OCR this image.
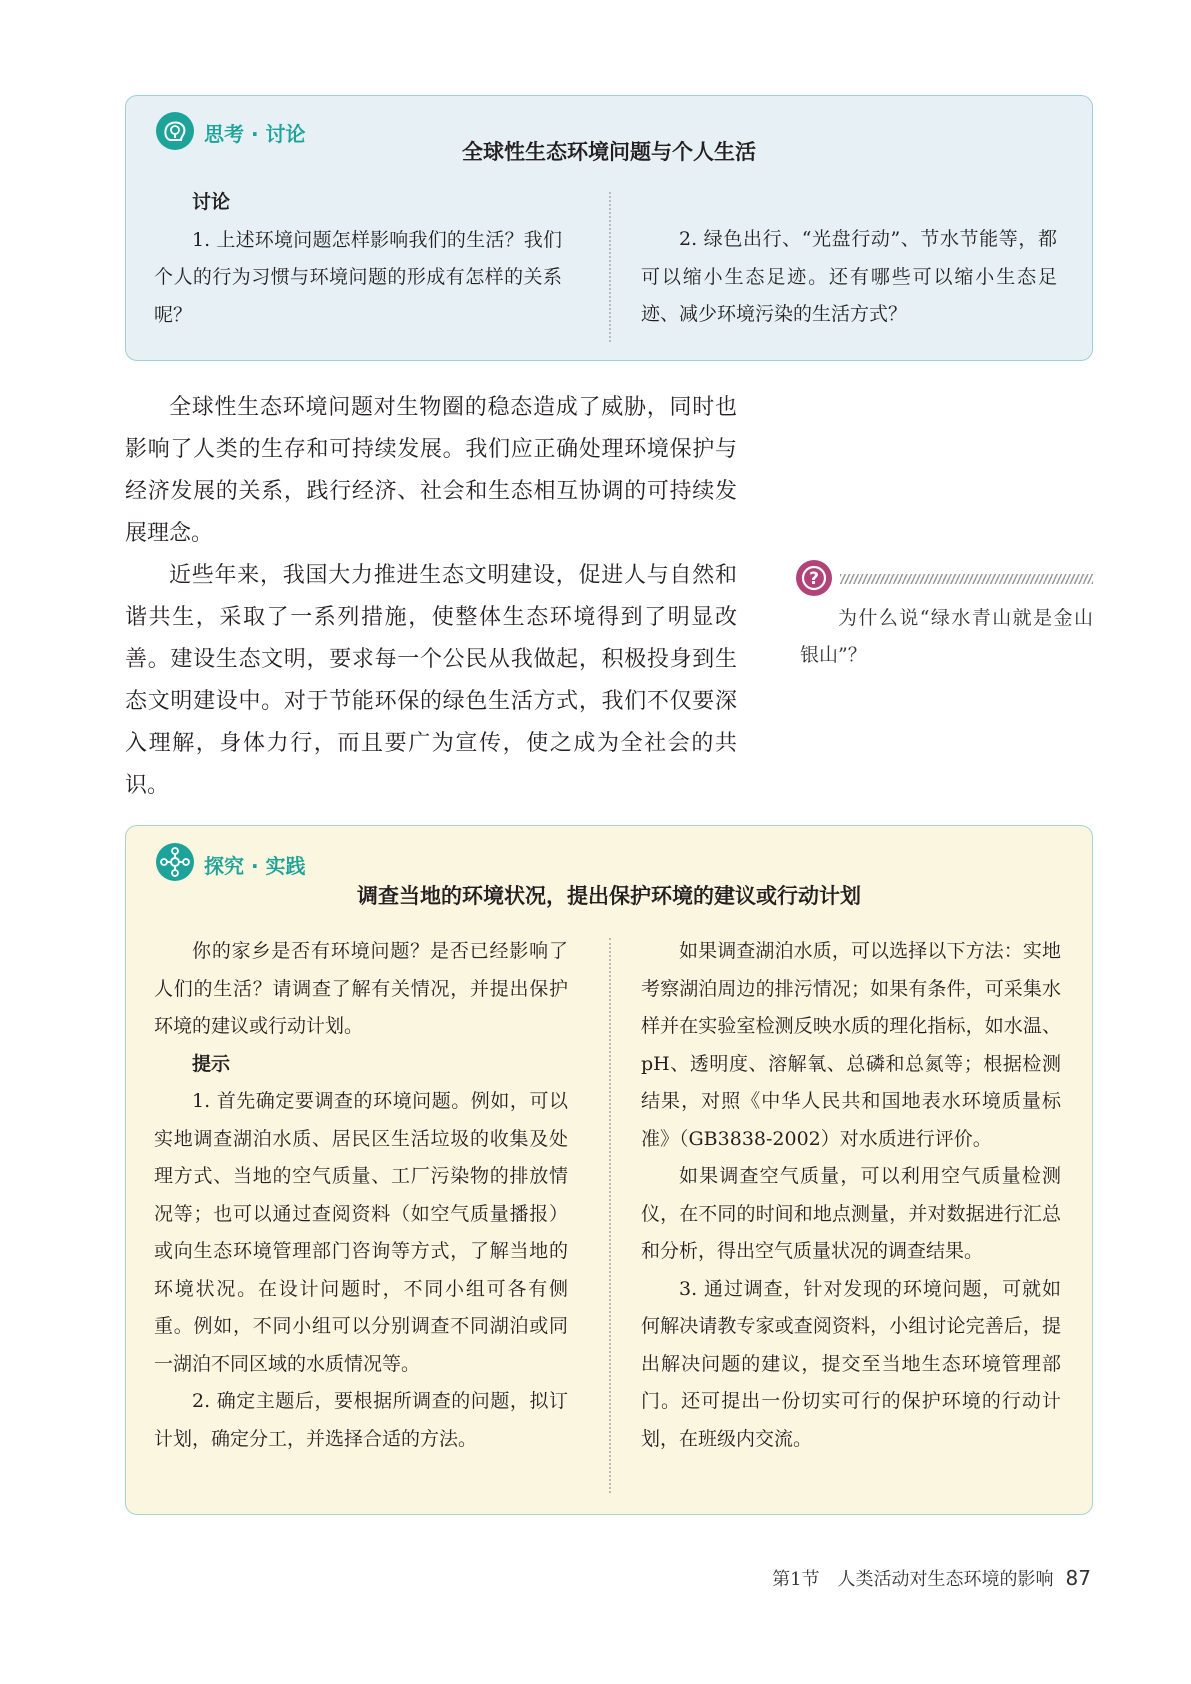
思考 · 讨论
全球性生态环境问题与个人生活
讨论

1. 上述环境问题怎样影响我们的生活？我们个人的行为习惯与环境问题的形成有怎样的关系呢？

2. 绿色出行、“光盘行动”、节水节能等，都可以缩小生态足迹。还有哪些可以缩小生态足迹、减少环境污染的生活方式？

全球性生态环境问题对生物圈的稳态造成了威胁，同时也影响了人类的生存和可持续发展。我们应正确处理环境保护与经济发展的关系，践行经济、社会和生态相互协调的可持续发展理念。

近些年来，我国大力推进生态文明建设，促进人与自然和谐共生，采取了一系列措施，使整体生态环境得到了明显改善。建设生态文明，要求每一个公民从我做起，积极投身到生态文明建设中。对于节能环保的绿色生活方式，我们不仅要深入理解，身体力行，而且要广为宣传，使之成为全社会的共识。

?

为什么说“绿水青山就是金山银山”？

探究 · 实践
调查当地的环境状况，提出保护环境的建议或行动计划

你的家乡是否有环境问题？是否已经影响了人们的生活？请调查了解有关情况，并提出保护环境的建议或行动计划。

提示

1. 首先确定要调查的环境问题。例如，可以实地调查湖泊水质、居民区生活垃圾的收集及处理方式、当地的空气质量、工厂污染物的排放情况等；也可以通过查阅资料（如空气质量播报）或向生态环境管理部门咨询等方式，了解当地的环境状况。在设计问题时，不同小组可各有侧重。例如，不同小组可以分别调查不同湖泊或同一湖泊不同区域的水质情况等。

2. 确定主题后，要根据所调查的问题，拟订计划，确定分工，并选择合适的方法。

如果调查湖泊水质，可以选择以下方法：实地考察湖泊周边的排污情况；如果有条件，可采集水样并在实验室检测反映水质的理化指标，如水温、pH、透明度、溶解氧、总磷和总氮等；根据检测结果，对照《中华人民共和国地表水环境质量标准》（GB3838-2002）对水质进行评价。

如果调查空气质量，可以利用空气质量检测仪，在不同的时间和地点测量，并对数据进行汇总和分析，得出空气质量状况的调查结果。

3. 通过调查，针对发现的环境问题，可就如何解决请教专家或查阅资料，小组讨论完善后，提出解决问题的建议，提交至当地生态环境管理部门。还可提出一份切实可行的保护环境的行动计划，在班级内交流。

第1节　人类活动对生态环境的影响 87
